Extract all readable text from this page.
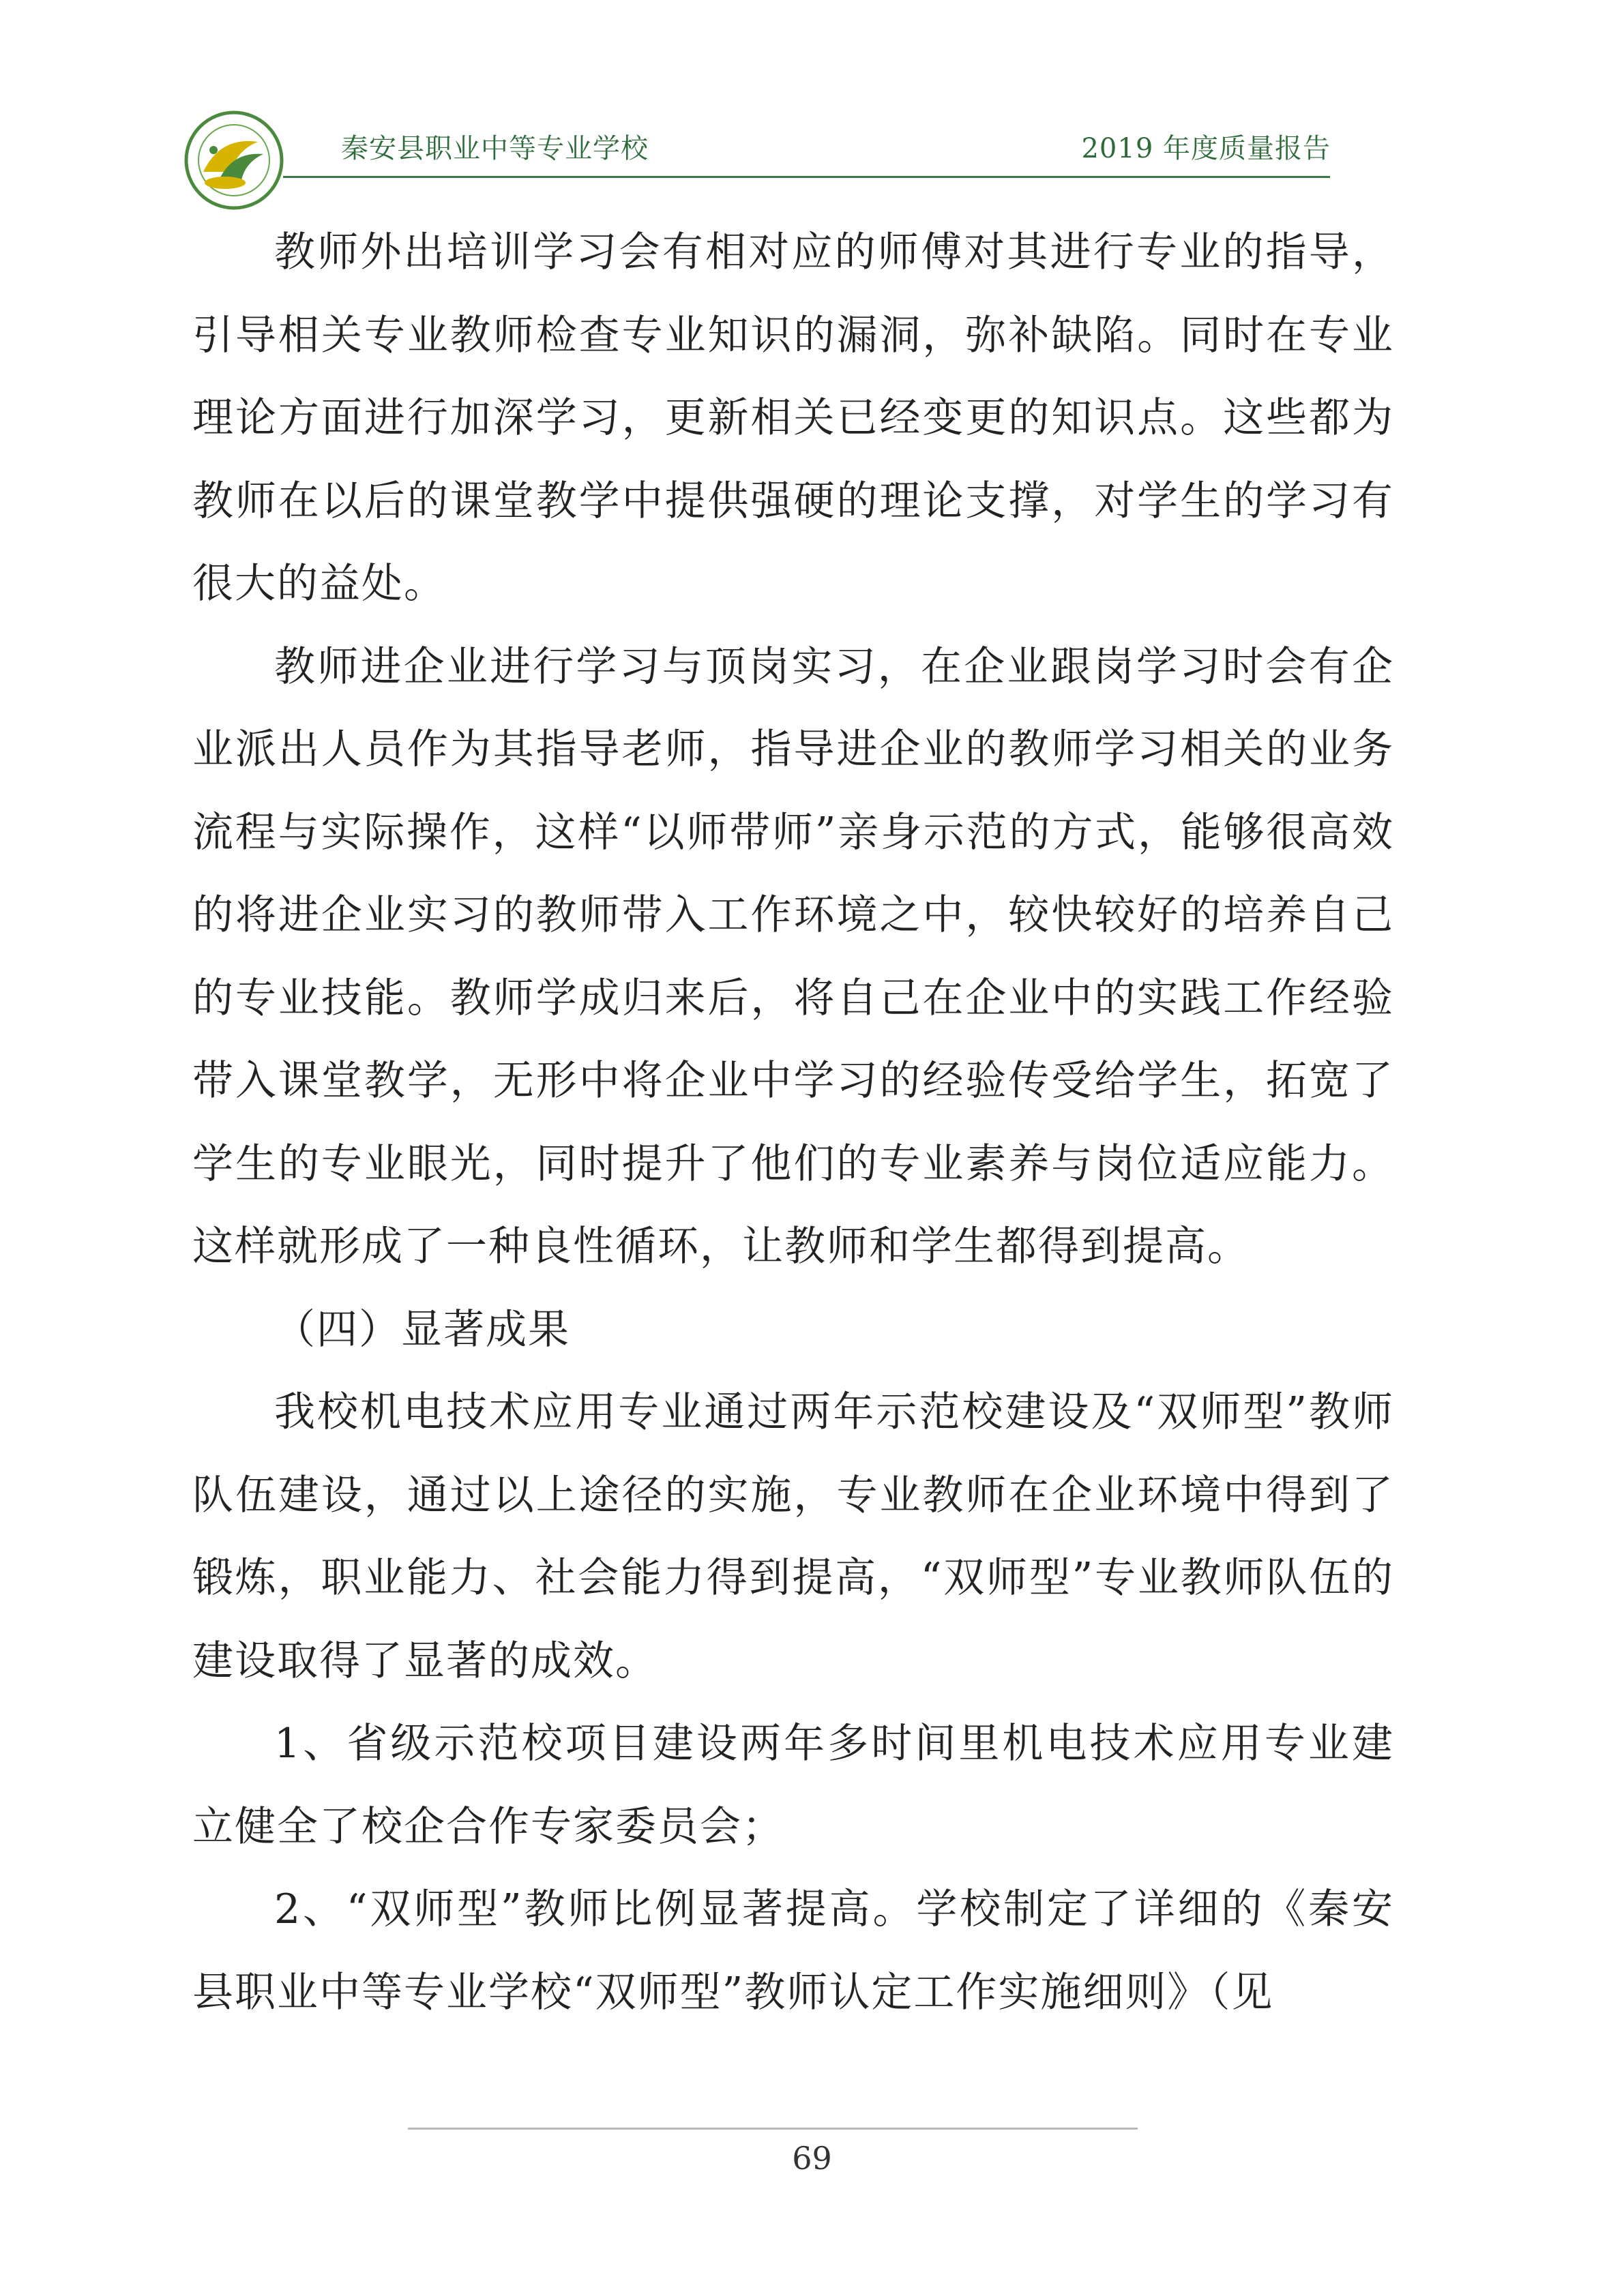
秦安县职业中等专业学校	2019 年度质量报告

教师外出培训学习会有相对应的师傅对其进行专业的指导，引导相关专业教师检查专业知识的漏洞，弥补缺陷。同时在专业理论方面进行加深学习，更新相关已经变更的知识点。这些都为教师在以后的课堂教学中提供强硬的理论支撑，对学生的学习有很大的益处。

教师进企业进行学习与顶岗实习，在企业跟岗学习时会有企业派出人员作为其指导老师，指导进企业的教师学习相关的业务流程与实际操作，这样“以师带师”亲身示范的方式，能够很高效的将进企业实习的教师带入工作环境之中，较快较好的培养自己的专业技能。教师学成归来后，将自己在企业中的实践工作经验带入课堂教学，无形中将企业中学习的经验传受给学生，拓宽了学生的专业眼光，同时提升了他们的专业素养与岗位适应能力。这样就形成了一种良性循环，让教师和学生都得到提高。

（四）显著成果

我校机电技术应用专业通过两年示范校建设及“双师型”教师队伍建设，通过以上途径的实施，专业教师在企业环境中得到了锻炼，职业能力、社会能力得到提高，“双师型”专业教师队伍的建设取得了显著的成效。

1、省级示范校项目建设两年多时间里机电技术应用专业建立健全了校企合作专家委员会；

2、“双师型”教师比例显著提高。学校制定了详细的《秦安县职业中等专业学校“双师型”教师认定工作实施细则》（见

69
